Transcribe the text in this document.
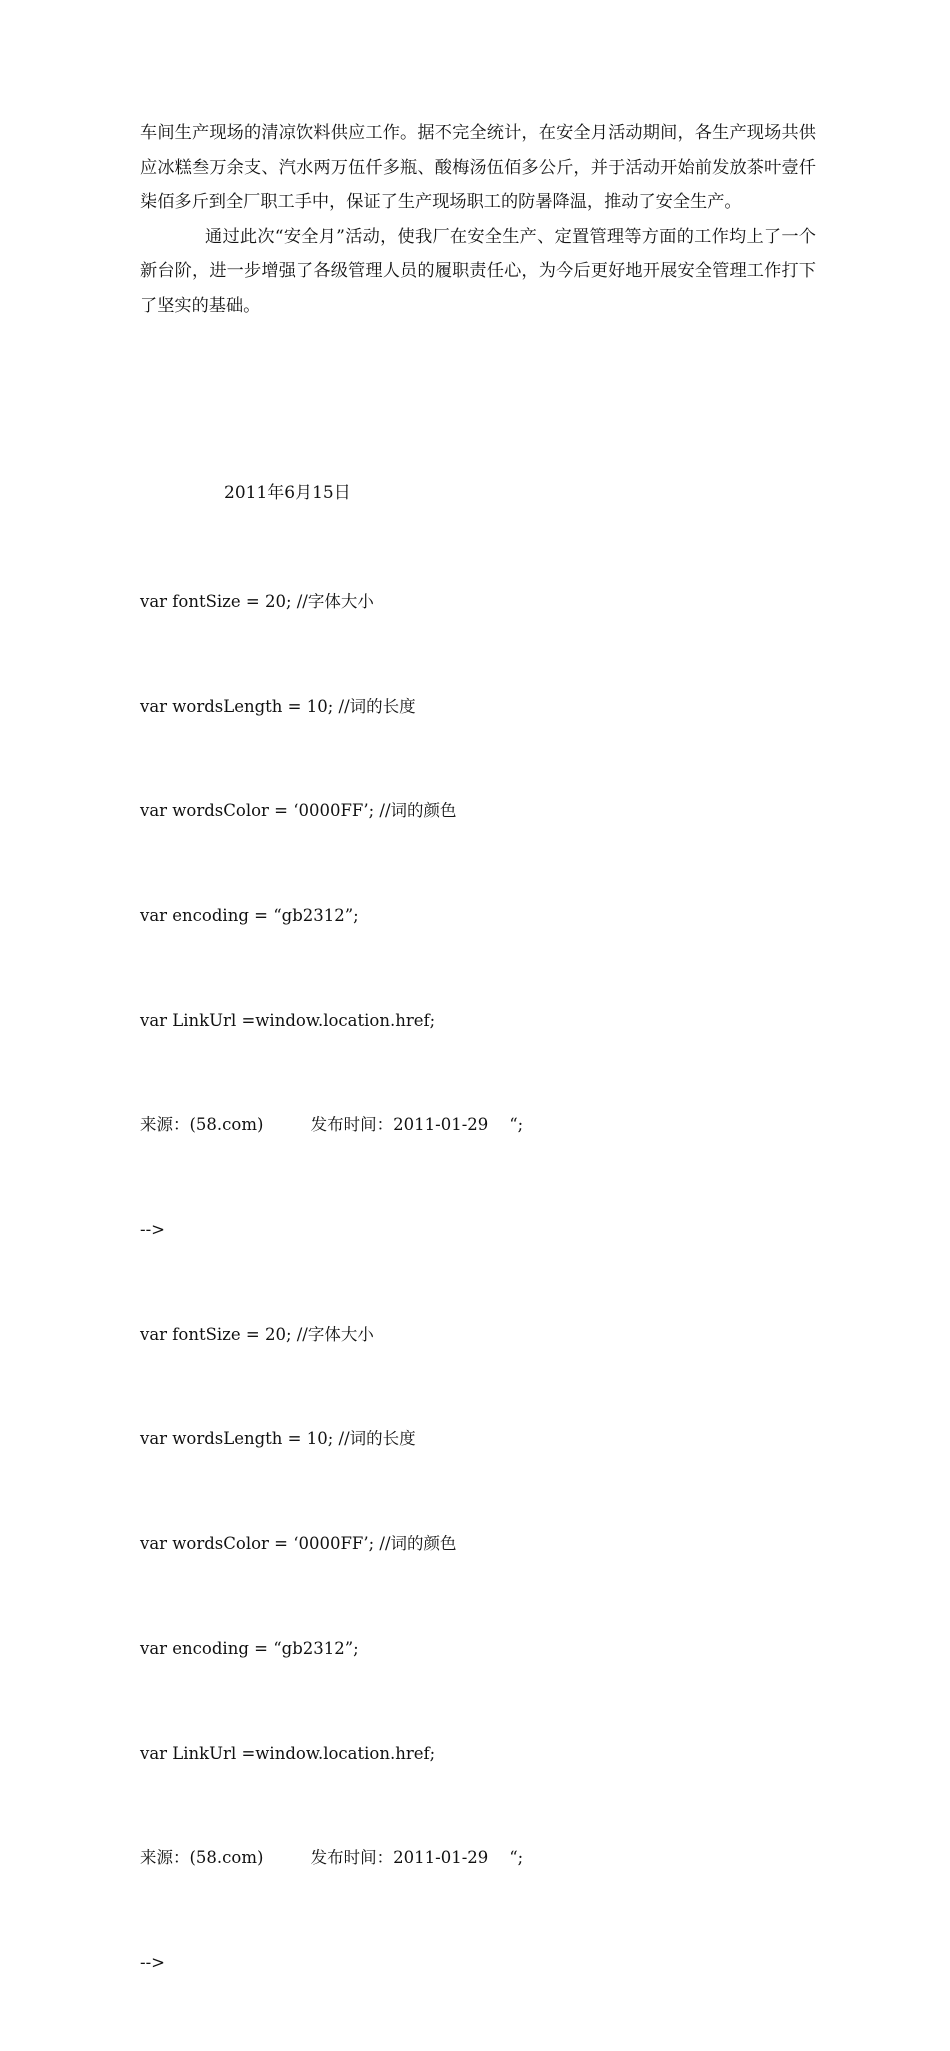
车间生产现场的清凉饮料供应工作。据不完全统计，在安全月活动期间，各生产现场共供应冰糕叁万余支、汽水两万伍仟多瓶、酸梅汤伍佰多公斤，并于活动开始前发放茶叶壹仟柒佰多斤到全厂职工手中，保证了生产现场职工的防暑降温，推动了安全生产。

通过此次“安全月”活动，使我厂在安全生产、定置管理等方面的工作均上了一个新台阶，进一步增强了各级管理人员的履职责任心，为今后更好地开展安全管理工作打下了坚实的基础。

2011年6月15日

var fontSize = 20; //字体大小

var wordsLength = 10; //词的长度

var wordsColor = ‘0000FF’; //词的颜色

var encoding = “gb2312”;

var LinkUrl =window.location.href;

来源：(58.com)         发布时间：2011-01-29    “;

-->

var fontSize = 20; //字体大小

var wordsLength = 10; //词的长度

var wordsColor = ‘0000FF’; //词的颜色

var encoding = “gb2312”;

var LinkUrl =window.location.href;

来源：(58.com)         发布时间：2011-01-29    “;

-->
